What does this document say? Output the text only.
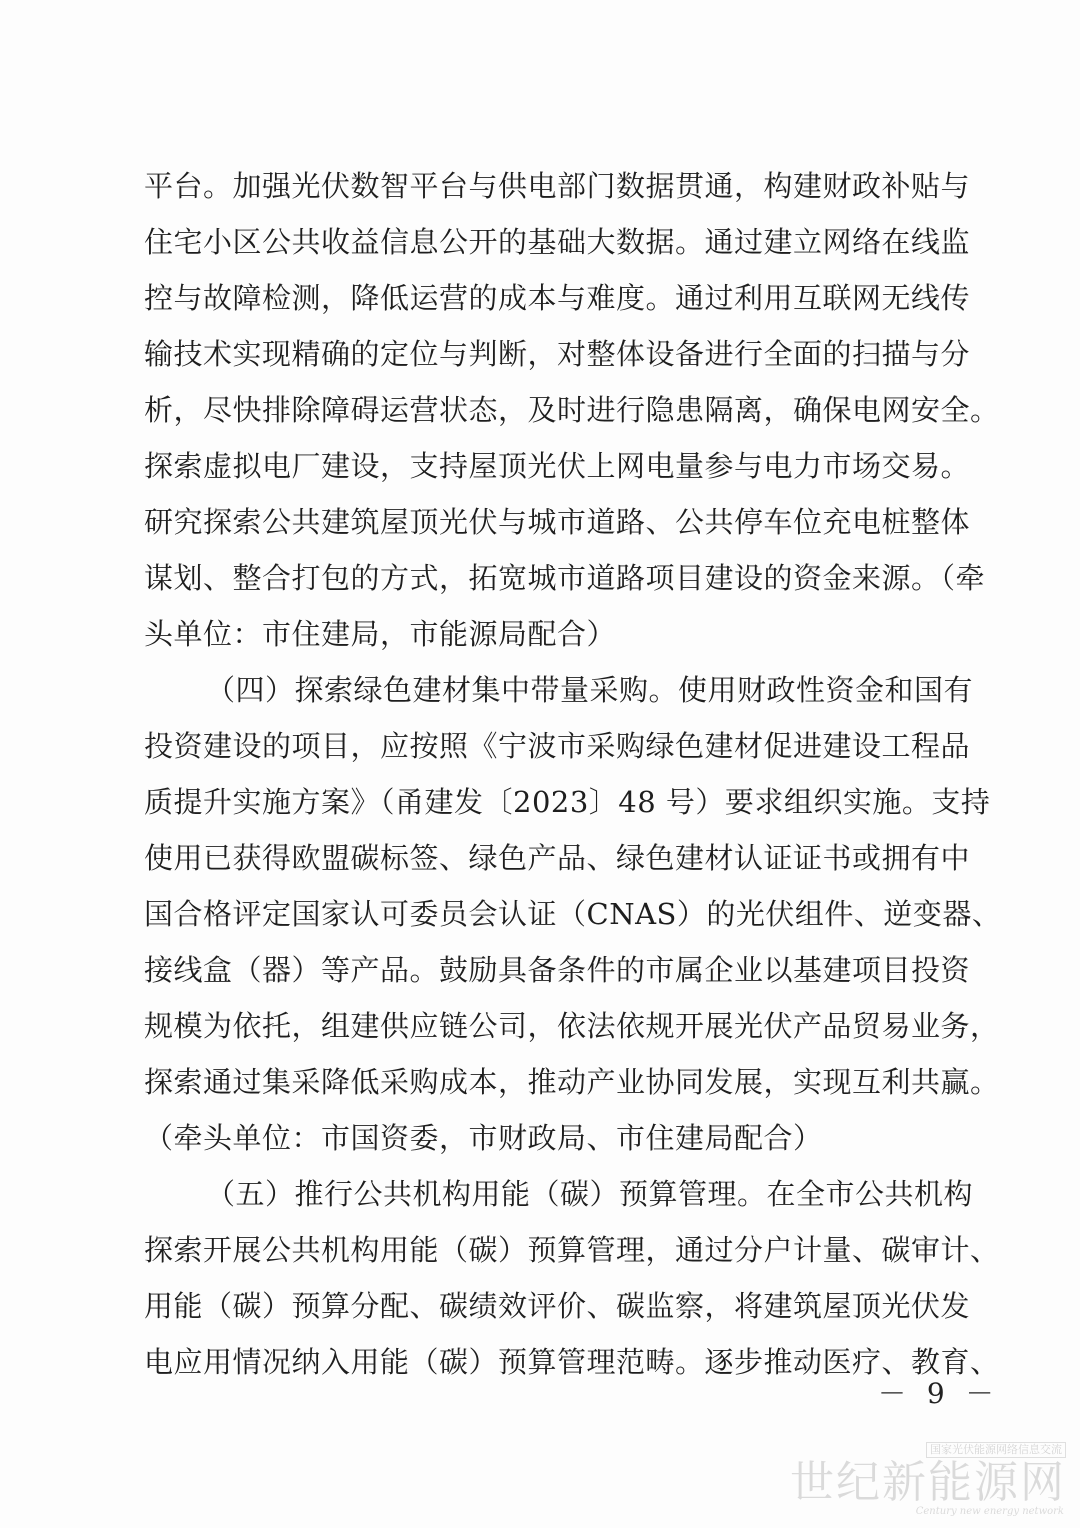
平台。加强光伏数智平台与供电部门数据贯通，构建财政补贴与
住宅小区公共收益信息公开的基础大数据。通过建立网络在线监
控与故障检测，降低运营的成本与难度。通过利用互联网无线传
输技术实现精确的定位与判断，对整体设备进行全面的扫描与分
析，尽快排除障碍运营状态，及时进行隐患隔离，确保电网安全。
探索虚拟电厂建设，支持屋顶光伏上网电量参与电力市场交易。
研究探索公共建筑屋顶光伏与城市道路、公共停车位充电桩整体
谋划、整合打包的方式，拓宽城市道路项目建设的资金来源。（牵
头单位：市住建局，市能源局配合）
（四）探索绿色建材集中带量采购。使用财政性资金和国有
投资建设的项目，应按照《宁波市采购绿色建材促进建设工程品
质提升实施方案》（甬建发〔2023〕48 号）要求组织实施。支持
使用已获得欧盟碳标签、绿色产品、绿色建材认证证书或拥有中
国合格评定国家认可委员会认证（CNAS）的光伏组件、逆变器、
接线盒（器）等产品。鼓励具备条件的市属企业以基建项目投资
规模为依托，组建供应链公司，依法依规开展光伏产品贸易业务，
探索通过集采降低采购成本，推动产业协同发展，实现互利共赢。
（牵头单位：市国资委，市财政局、市住建局配合）
（五）推行公共机构用能（碳）预算管理。在全市公共机构
探索开展公共机构用能（碳）预算管理，通过分户计量、碳审计、
用能（碳）预算分配、碳绩效评价、碳监察，将建筑屋顶光伏发
电应用情况纳入用能（碳）预算管理范畴。逐步推动医疗、教育、
－ 9 －
国家光伏能源网络信息交流
世纪新能源网
Century new energy network
